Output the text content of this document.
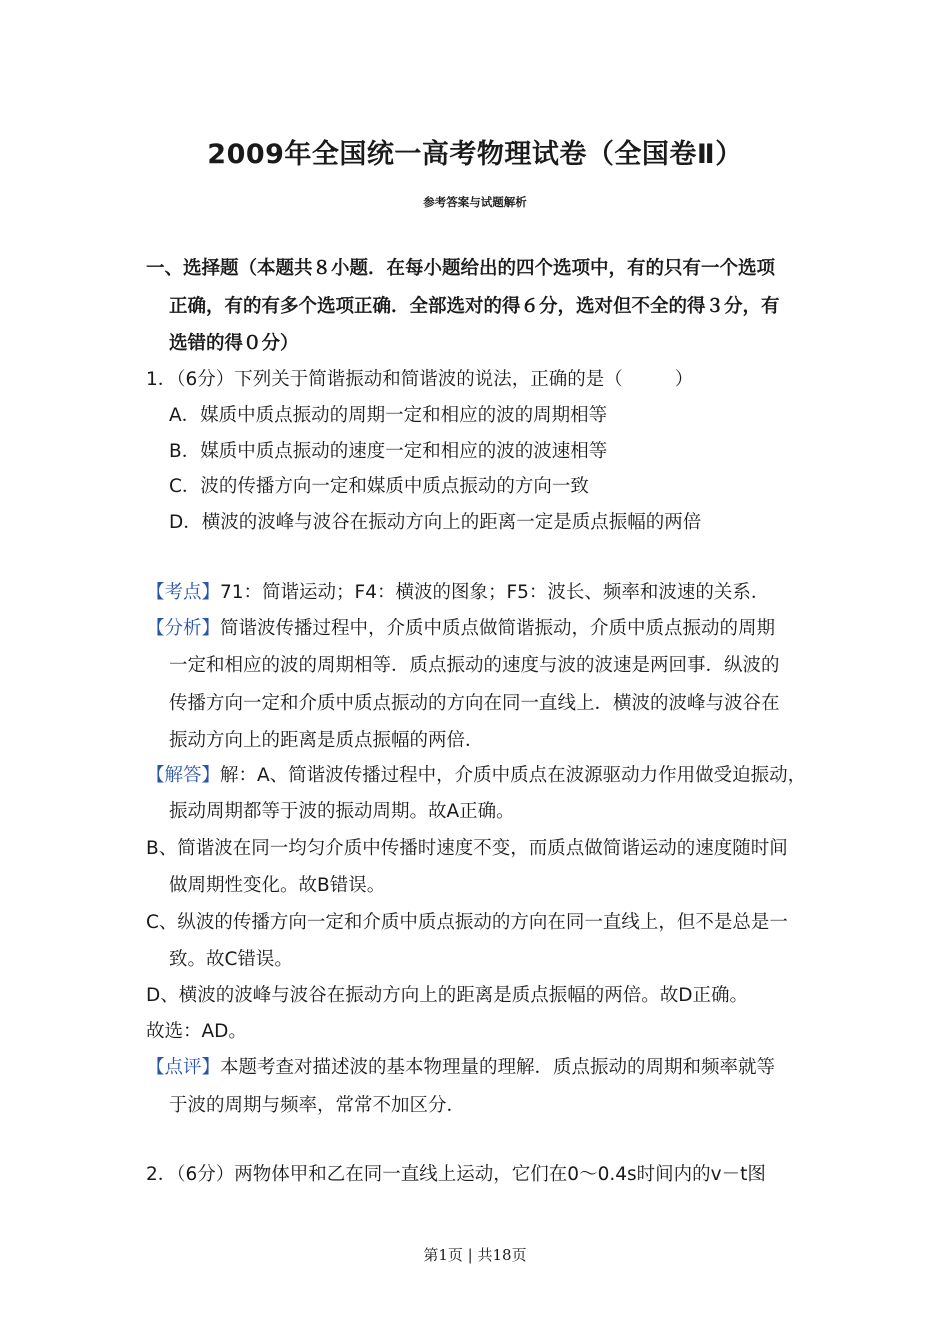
2009年全国统一高考物理试卷（全国卷Ⅱ）
参考答案与试题解析
一、选择题（本题共８小题．在每小题给出的四个选项中，有的只有一个选项
正确，有的有多个选项正确．全部选对的得６分，选对但不全的得３分，有
选错的得０分）
1．（6分）下列关于简谐振动和简谐波的说法，正确的是（	）
A．媒质中质点振动的周期一定和相应的波的周期相等
B．媒质中质点振动的速度一定和相应的波的波速相等
C．波的传播方向一定和媒质中质点振动的方向一致
D．横波的波峰与波谷在振动方向上的距离一定是质点振幅的两倍
【考点】71：简谐运动；F4：横波的图象；F5：波长、频率和波速的关系．
【分析】简谐波传播过程中，介质中质点做简谐振动，介质中质点振动的周期
一定和相应的波的周期相等．质点振动的速度与波的波速是两回事．纵波的
传播方向一定和介质中质点振动的方向在同一直线上．横波的波峰与波谷在
振动方向上的距离是质点振幅的两倍．
【解答】解：A、简谐波传播过程中，介质中质点在波源驱动力作用做受迫振动，
振动周期都等于波的振动周期。故A正确。
B、简谐波在同一均匀介质中传播时速度不变，而质点做简谐运动的速度随时间
做周期性变化。故B错误。
C、纵波的传播方向一定和介质中质点振动的方向在同一直线上，但不是总是一
致。故C错误。
D、横波的波峰与波谷在振动方向上的距离是质点振幅的两倍。故D正确。
故选：AD。
【点评】本题考查对描述波的基本物理量的理解．质点振动的周期和频率就等
于波的周期与频率，常常不加区分．
2．（6分）两物体甲和乙在同一直线上运动，它们在0～0.4s时间内的v－t图
第1页 | 共18页
